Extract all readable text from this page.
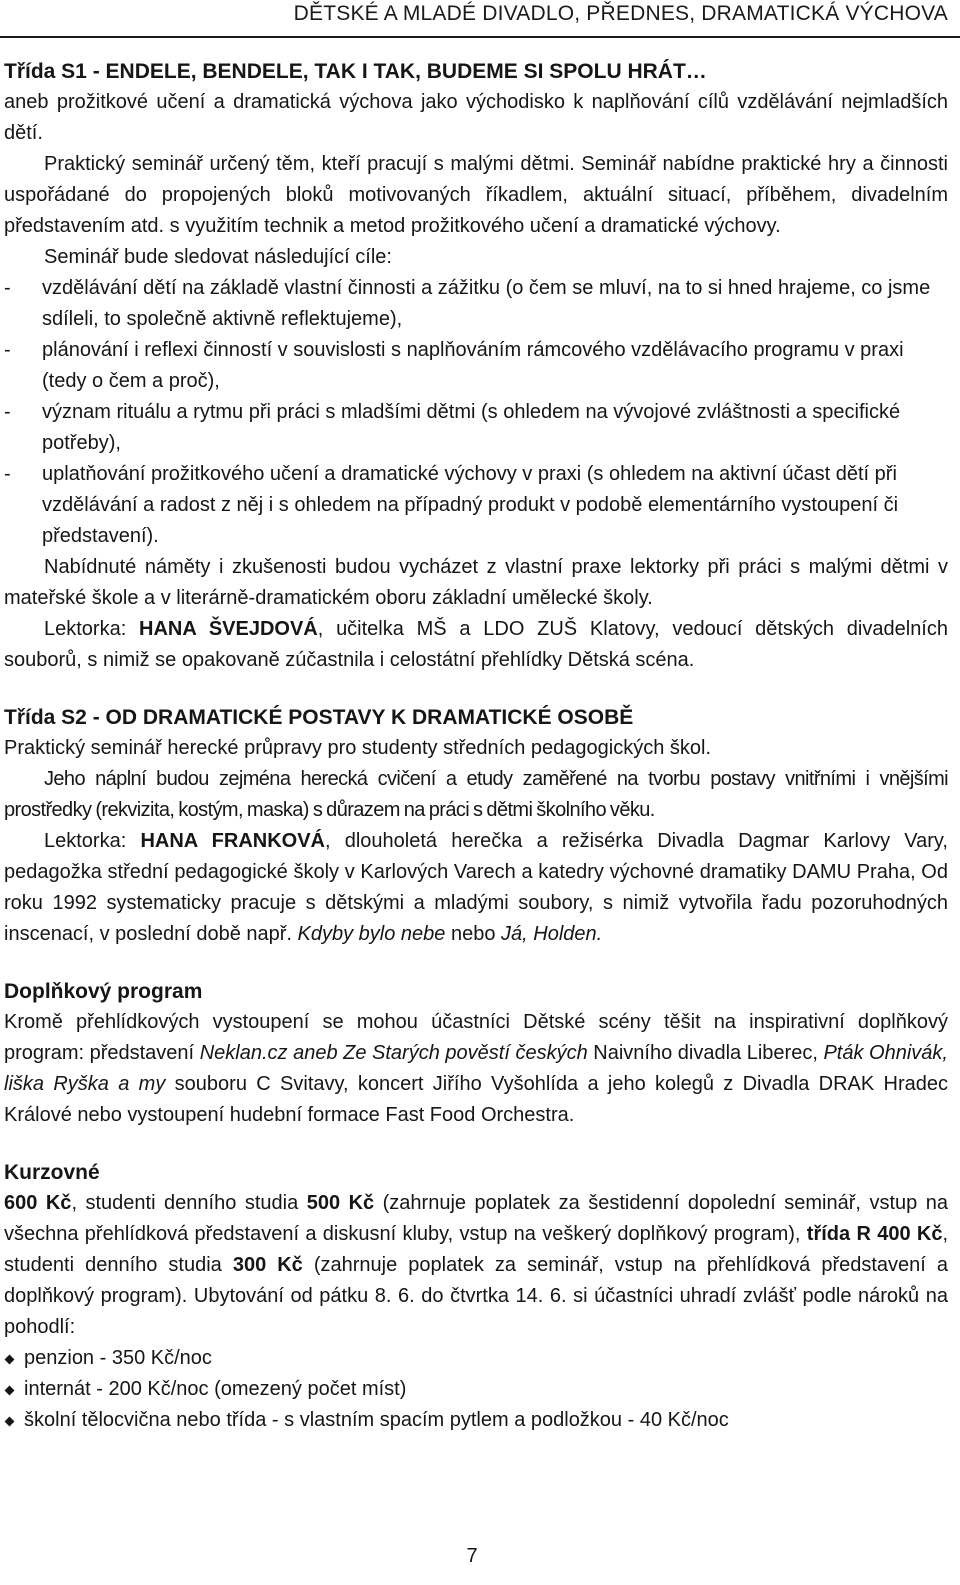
DĚTSKÉ A MLADÉ DIVADLO, PŘEDNES, DRAMATICKÁ VÝCHOVA

Třída S1 - ENDELE, BENDELE, TAK I TAK, BUDEME SI SPOLU HRÁT…

aneb prožitkové učení a dramatická výchova jako východisko k naplňování cílů vzdělávání nejmladších dětí.

Praktický seminář určený těm, kteří pracují s malými dětmi. Seminář nabídne praktické hry a činnosti uspořádané do propojených bloků motivovaných říkadlem, aktuální situací, příběhem, divadelním představením atd. s využitím technik a metod prožitkového učení a dramatické výchovy.

Seminář bude sledovat následující cíle:

- vzdělávání dětí na základě vlastní činnosti a zážitku (o čem se mluví, na to si hned hrajeme, co jsme sdíleli, to společně aktivně reflektujeme),

- plánování i reflexi činností v souvislosti s naplňováním rámcového vzdělávacího programu v praxi (tedy o čem a proč),

- význam rituálu a rytmu při práci s mladšími dětmi (s ohledem na vývojové zvláštnosti a specifické potřeby),

- uplatňování prožitkového učení a dramatické výchovy v praxi (s ohledem na aktivní účast dětí při vzdělávání a radost z něj i s ohledem na případný produkt v podobě elementárního vystoupení či představení).

Nabídnuté náměty i zkušenosti budou vycházet z vlastní praxe lektorky při práci s malými dětmi v mateřské škole a v literárně-dramatickém oboru základní umělecké školy.

Lektorka: HANA ŠVEJDOVÁ, učitelka MŠ a LDO ZUŠ Klatovy, vedoucí dětských divadelních souborů, s nimiž se opakovaně zúčastnila i celostátní přehlídky Dětská scéna.

Třída S2 - OD DRAMATICKÉ POSTAVY K DRAMATICKÉ OSOBĚ

Praktický seminář herecké průpravy pro studenty středních pedagogických škol.

Jeho náplní budou zejména herecká cvičení a etudy zaměřené na tvorbu postavy vnitřními i vnějšími prostředky (rekvizita, kostým, maska) s důrazem na práci s dětmi školního věku.

Lektorka: HANA FRANKOVÁ, dlouholetá herečka a režisérka Divadla Dagmar Karlovy Vary, pedagožka střední pedagogické školy v Karlových Varech a katedry výchovné dramatiky DAMU Praha, Od roku 1992 systematicky pracuje s dětskými a mladými soubory, s nimiž vytvořila řadu pozoruhodných inscenací, v poslední době např. Kdyby bylo nebe nebo Já, Holden.

Doplňkový program

Kromě přehlídkových vystoupení se mohou účastníci Dětské scény těšit na inspirativní doplňkový program: představení Neklan.cz aneb Ze Starých pověstí českých Naivního divadla Liberec, Pták Ohnivák, liška Ryška a my souboru C Svitavy, koncert Jiřího Vyšohlída a jeho kolegů z Divadla DRAK Hradec Králové nebo vystoupení hudební formace Fast Food Orchestra.

Kurzovné

600 Kč, studenti denního studia 500 Kč (zahrnuje poplatek za šestidenní dopolední seminář, vstup na všechna přehlídková představení a diskusní kluby, vstup na veškerý doplňkový program), třída R 400 Kč, studenti denního studia 300 Kč (zahrnuje poplatek za seminář, vstup na přehlídková představení a doplňkový program). Ubytování od pátku 8. 6. do čtvrtka 14. 6. si účastníci uhradí zvlášť podle nároků na pohodlí:

penzion - 350 Kč/noc

internát - 200 Kč/noc (omezený počet míst)

školní tělocvična nebo třída - s vlastním spacím pytlem a podložkou - 40 Kč/noc

7
